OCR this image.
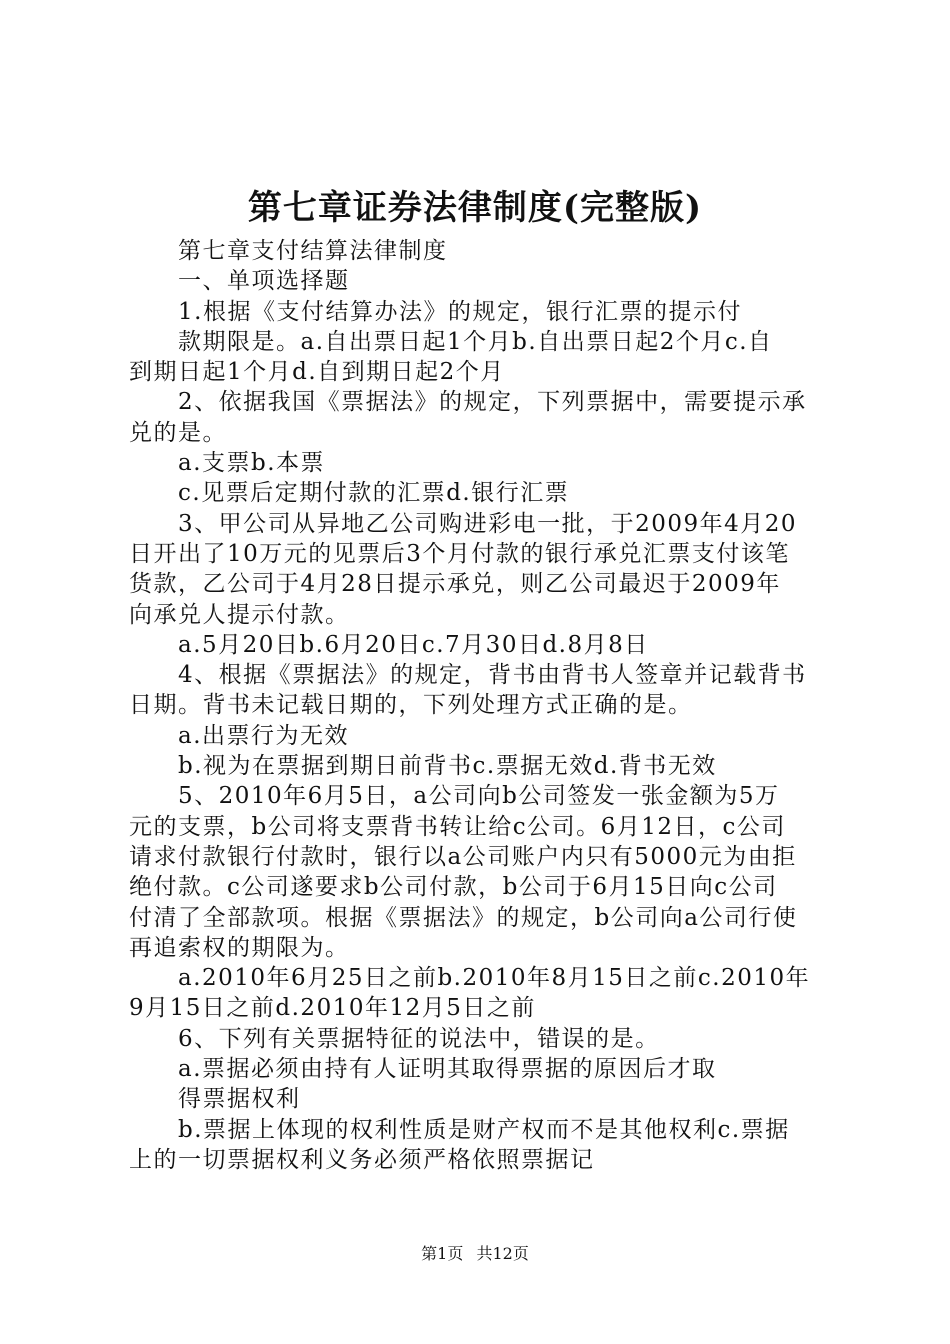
第七章证券法律制度(完整版)
第七章支付结算法律制度
一、单项选择题
1.根据《支付结算办法》的规定，银行汇票的提示付
款期限是。a.自出票日起1个月b.自出票日起2个月c.自
到期日起1个月d.自到期日起2个月
2、依据我国《票据法》的规定，下列票据中，需要提示承
兑的是。
a.支票b.本票
c.见票后定期付款的汇票d.银行汇票
3、甲公司从异地乙公司购进彩电一批，于2009年4月20
日开出了10万元的见票后3个月付款的银行承兑汇票支付该笔
货款，乙公司于4月28日提示承兑，则乙公司最迟于2009年
向承兑人提示付款。
a.5月20日b.6月20日c.7月30日d.8月8日
4、根据《票据法》的规定，背书由背书人签章并记载背书
日期。背书未记载日期的，下列处理方式正确的是。
a.出票行为无效
b.视为在票据到期日前背书c.票据无效d.背书无效
5、2010年6月5日，a公司向b公司签发一张金额为5万
元的支票，b公司将支票背书转让给c公司。6月12日，c公司
请求付款银行付款时，银行以a公司账户内只有5000元为由拒
绝付款。c公司遂要求b公司付款，b公司于6月15日向c公司
付清了全部款项。根据《票据法》的规定，b公司向a公司行使
再追索权的期限为。
a.2010年6月25日之前b.2010年8月15日之前c.2010年
9月15日之前d.2010年12月5日之前
6、下列有关票据特征的说法中，错误的是。
a.票据必须由持有人证明其取得票据的原因后才取
得票据权利
b.票据上体现的权利性质是财产权而不是其他权利c.票据
上的一切票据权利义务必须严格依照票据记
第1页 共12页
